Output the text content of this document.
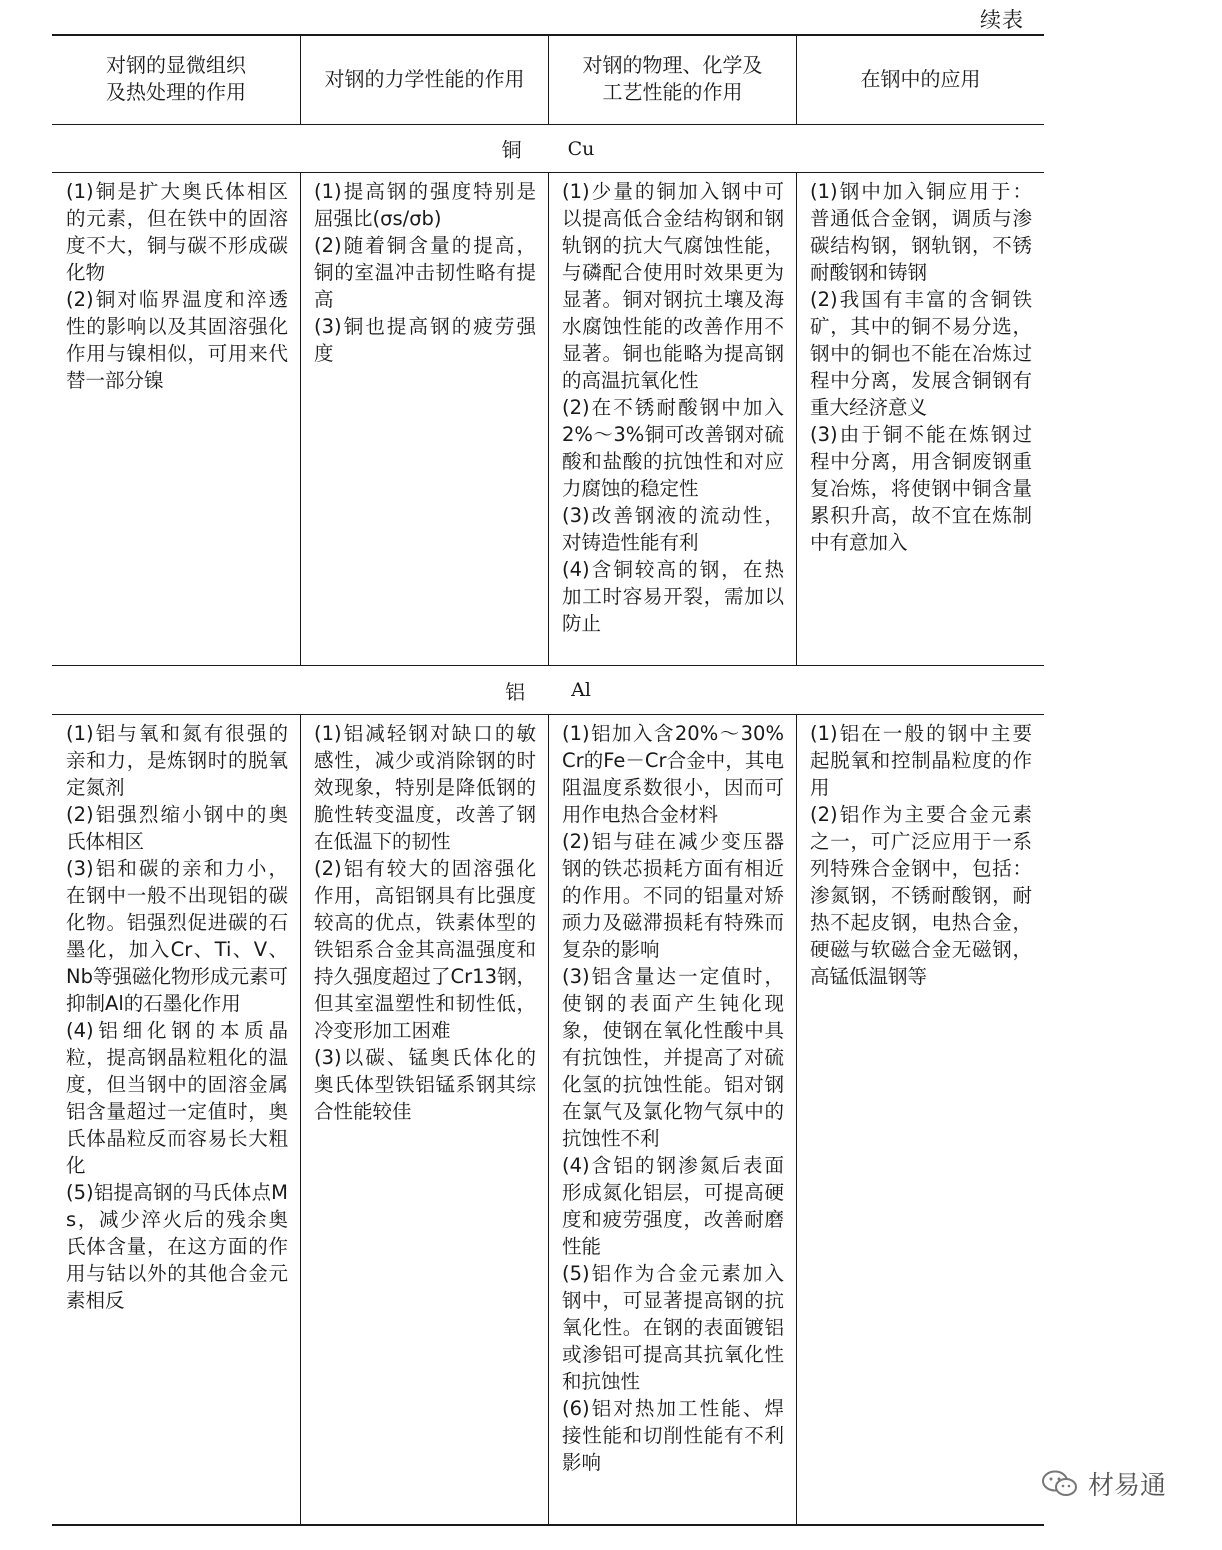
续表
对钢的显微组织
及热处理的作用
对钢的力学性能的作用
对钢的物理、化学及
工艺性能的作用
在钢中的应用
铜 Cu

(1)铜是扩大奥氏体相区的元素，但在铁中的固溶度不大，铜与碳不形成碳化物

(2)铜对临界温度和淬透性的影响以及其固溶强化作用与镍相似，可用来代替一部分镍

(1)提高钢的强度特别是屈强比(σs/σb)

(2)随着铜含量的提高，铜的室温冲击韧性略有提高

(3)铜也提高钢的疲劳强度

(1)少量的铜加入钢中可以提高低合金结构钢和钢轨钢的抗大气腐蚀性能，与磷配合使用时效果更为显著。铜对钢抗土壤及海水腐蚀性能的改善作用不显著。铜也能略为提高钢的高温抗氧化性

(2)在不锈耐酸钢中加入2%～3%铜可改善钢对硫酸和盐酸的抗蚀性和对应力腐蚀的稳定性

(3)改善钢液的流动性，对铸造性能有利

(4)含铜较高的钢，在热加工时容易开裂，需加以防止

(1)钢中加入铜应用于：普通低合金钢，调质与渗碳结构钢，钢轨钢，不锈耐酸钢和铸钢

(2)我国有丰富的含铜铁矿，其中的铜不易分选，钢中的铜也不能在冶炼过程中分离，发展含铜钢有重大经济意义

(3)由于铜不能在炼钢过程中分离，用含铜废钢重复冶炼，将使钢中铜含量累积升高，故不宜在炼制中有意加入

铝 Al

(1)铝与氧和氮有很强的亲和力，是炼钢时的脱氧定氮剂

(2)铝强烈缩小钢中的奥氏体相区

(3)铝和碳的亲和力小，在钢中一般不出现铝的碳化物。铝强烈促进碳的石墨化，加入Cr、Ti、V、Nb等强磁化物形成元素可抑制Al的石墨化作用

(4)铝细化钢的本质晶粒，提高钢晶粒粗化的温度，但当钢中的固溶金属铝含量超过一定值时，奥氏体晶粒反而容易长大粗化

(5)铝提高钢的马氏体点Ms，减少淬火后的残余奥氏体含量，在这方面的作用与钴以外的其他合金元素相反

(1)铝减轻钢对缺口的敏感性，减少或消除钢的时效现象，特别是降低钢的脆性转变温度，改善了钢在低温下的韧性

(2)铝有较大的固溶强化作用，高铝钢具有比强度较高的优点，铁素体型的铁铝系合金其高温强度和持久强度超过了Cr13钢，但其室温塑性和韧性低，冷变形加工困难

(3)以碳、锰奥氏体化的奥氏体型铁铝锰系钢其综合性能较佳

(1)铝加入含20%～30%Cr的Fe－Cr合金中，其电阻温度系数很小，因而可用作电热合金材料

(2)铝与硅在减少变压器钢的铁芯损耗方面有相近的作用。不同的铝量对矫顽力及磁滞损耗有特殊而复杂的影响

(3)铝含量达一定值时，使钢的表面产生钝化现象，使钢在氧化性酸中具有抗蚀性，并提高了对硫化氢的抗蚀性能。铝对钢在氯气及氯化物气氛中的抗蚀性不利

(4)含铝的钢渗氮后表面形成氮化铝层，可提高硬度和疲劳强度，改善耐磨性能

(5)铝作为合金元素加入钢中，可显著提高钢的抗氧化性。在钢的表面镀铝或渗铝可提高其抗氧化性和抗蚀性

(6)铝对热加工性能、焊接性能和切削性能有不利影响

(1)铝在一般的钢中主要起脱氧和控制晶粒度的作用

(2)铝作为主要合金元素之一，可广泛应用于一系列特殊合金钢中，包括：渗氮钢，不锈耐酸钢，耐热不起皮钢，电热合金，硬磁与软磁合金无磁钢，高锰低温钢等

材易通
